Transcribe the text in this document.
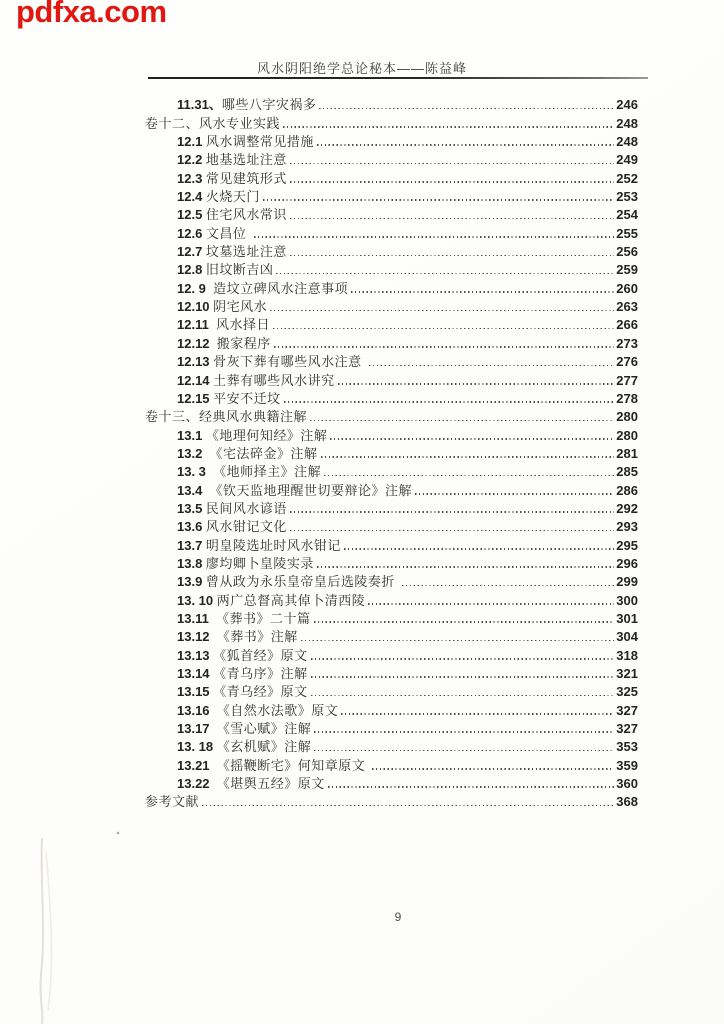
pdfxa.com
风水阴阳绝学总论秘本——陈益峰
11.31、 哪些八字灾祸多	246
卷十二、风水专业实践	248
12.1 风水调整常见措施	248
12.2 地基选址注意	249
12.3 常见建筑形式	252
12.4 火烧天门	253
12.5 住宅风水常识	254
12.6 文昌位	255
12.7 坟墓选址注意	256
12.8 旧坟断吉凶	259
12. 9 造坟立碑风水注意事项	260
12.10 阴宅风水	263
12.11 风水择日	266
12.12 搬家程序	273
12.13 骨灰下葬有哪些风水注意	276
12.14 土葬有哪些风水讲究	277
12.15 平安不迁坟	278
卷十三、经典风水典籍注解	280
13.1 《地理何知经》注解	280
13.2 《宅法碎金》注解	281
13. 3 《地师择主》注解	285
13.4 《钦天监地理醒世切要辩论》注解	286
13.5 民间风水谚语	292
13.6 风水钳记文化	293
13.7 明皇陵选址时风水钳记	295
13.8 廖均卿卜皇陵实录	296
13.9 曾从政为永乐皇帝皇后选陵奏折	299
13. 10 两广总督高其倬卜清西陵	300
13.11 《葬书》二十篇	301
13.12 《葬书》注解	304
13.13 《狐首经》原文	318
13.14 《青乌序》注解	321
13.15 《青乌经》原文	325
13.16 《自然水法歌》原文	327
13.17 《雪心赋》注解	327
13. 18 《玄机赋》注解	353
13.21 《摇鞭断宅》何知章原文	359
13.22 《堪舆五经》原文	360
参考文献	368
9
